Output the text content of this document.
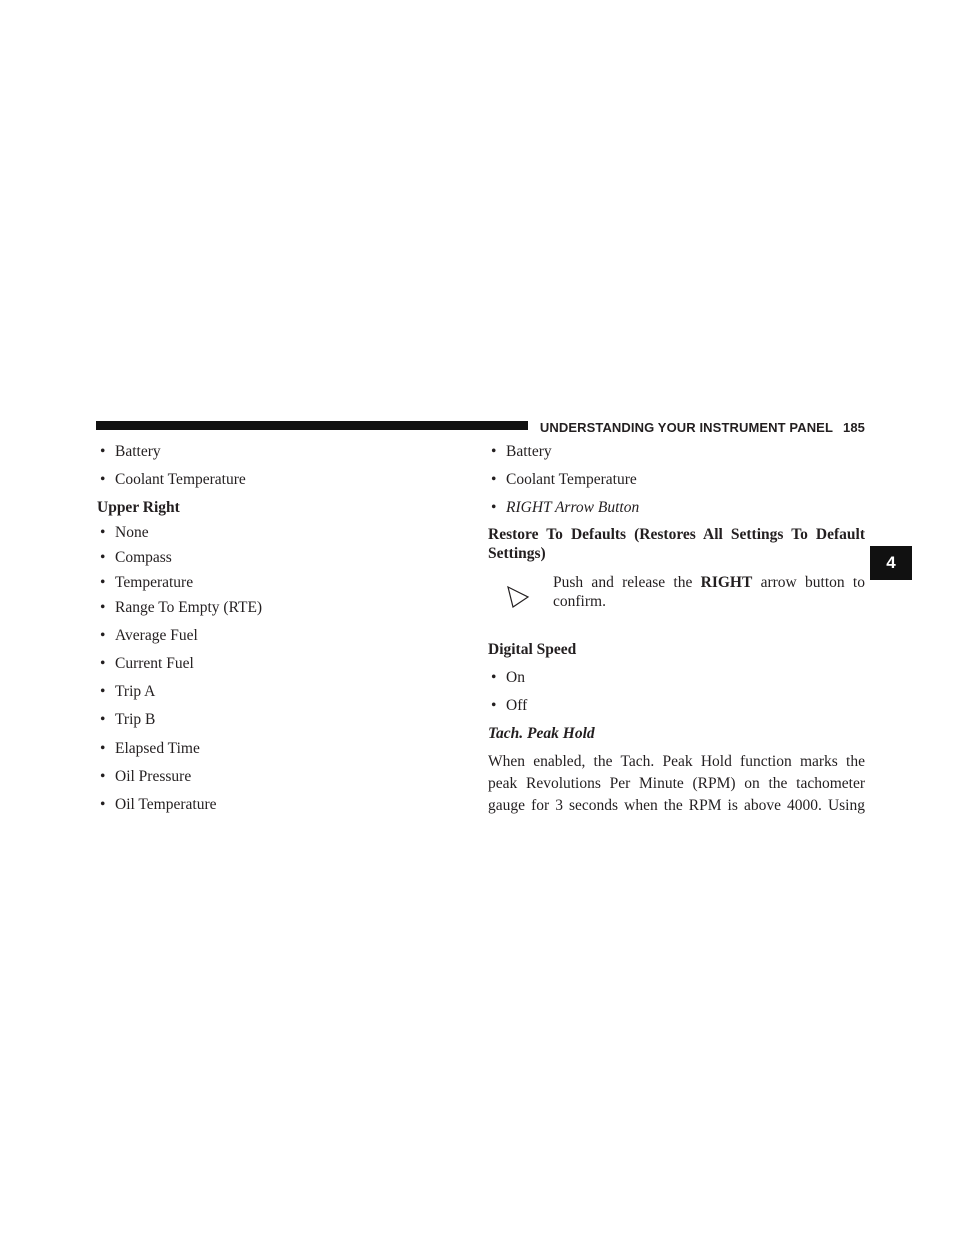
UNDERSTANDING YOUR INSTRUMENT PANEL 185
4
• Battery
• Coolant Temperature
Upper Right
• None
• Compass
• Temperature
• Range To Empty (RTE)
• Average Fuel
• Current Fuel
• Trip A
• Trip B
• Elapsed Time
• Oil Pressure
• Oil Temperature
• Battery
• Coolant Temperature
• RIGHT Arrow Button
Restore To Defaults (Restores All Settings To Default
Settings)
Push and release the RIGHT arrow button to
confirm.
Digital Speed
• On
• Off
Tach. Peak Hold
When enabled, the Tach. Peak Hold function marks the
peak Revolutions Per Minute (RPM) on the tachometer
gauge for 3 seconds when the RPM is above 4000. Using
